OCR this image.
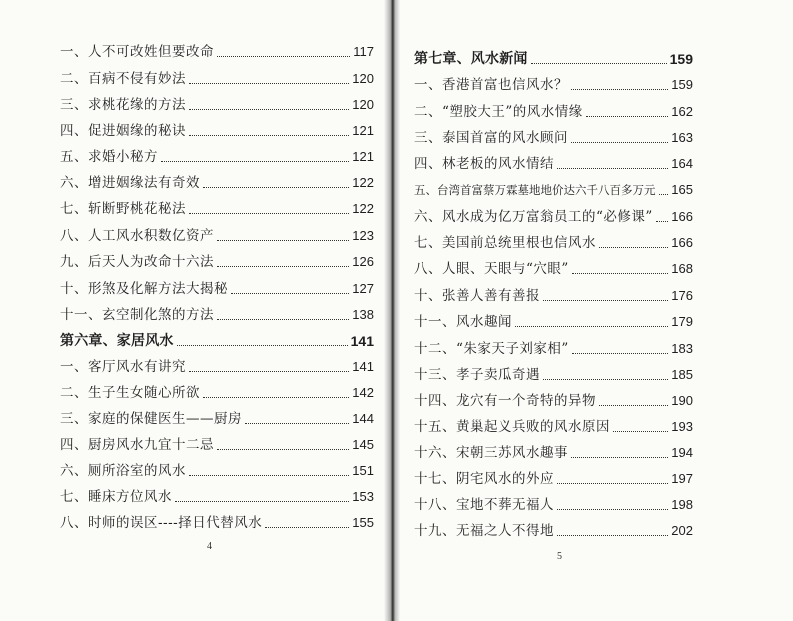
一、人不可改姓但要改命	117
二、百病不侵有妙法	120
三、求桃花缘的方法	120
四、促进姻缘的秘诀	121
五、求婚小秘方	121
六、增进姻缘法有奇效	122
七、斩断野桃花秘法	122
八、人工风水积数亿资产	123
九、后天人为改命十六法	126
十、形煞及化解方法大揭秘	127
十一、玄空制化煞的方法	138
第六章、家居风水	141
一、客厅风水有讲究	141
二、生子生女随心所欲	142
三、家庭的保健医生——厨房	144
四、厨房风水九宜十二忌	145
六、厕所浴室的风水	151
七、睡床方位风水	153
八、时师的误区----择日代替风水	155
4
第七章、风水新闻	159
一、香港首富也信风水？	159
二、“塑胶大王”的风水情缘	162
三、泰国首富的风水顾问	163
四、林老板的风水情结	164
五、台湾首富蔡万霖墓地地价达六千八百多万元 165
六、风水成为亿万富翁员工的“必修课” 166
七、美国前总统里根也信风水	166
八、人眼、天眼与“穴眼”	168
十、张善人善有善报	176
十一、风水趣闻	179
十二、“朱家天子刘家相”	183
十三、孝子卖瓜奇遇	185
十四、龙穴有一个奇特的异物	190
十五、黄巢起义兵败的风水原因	193
十六、宋朝三苏风水趣事	194
十七、阴宅风水的外应	197
十八、宝地不葬无福人	198
十九、无福之人不得地	202
5
